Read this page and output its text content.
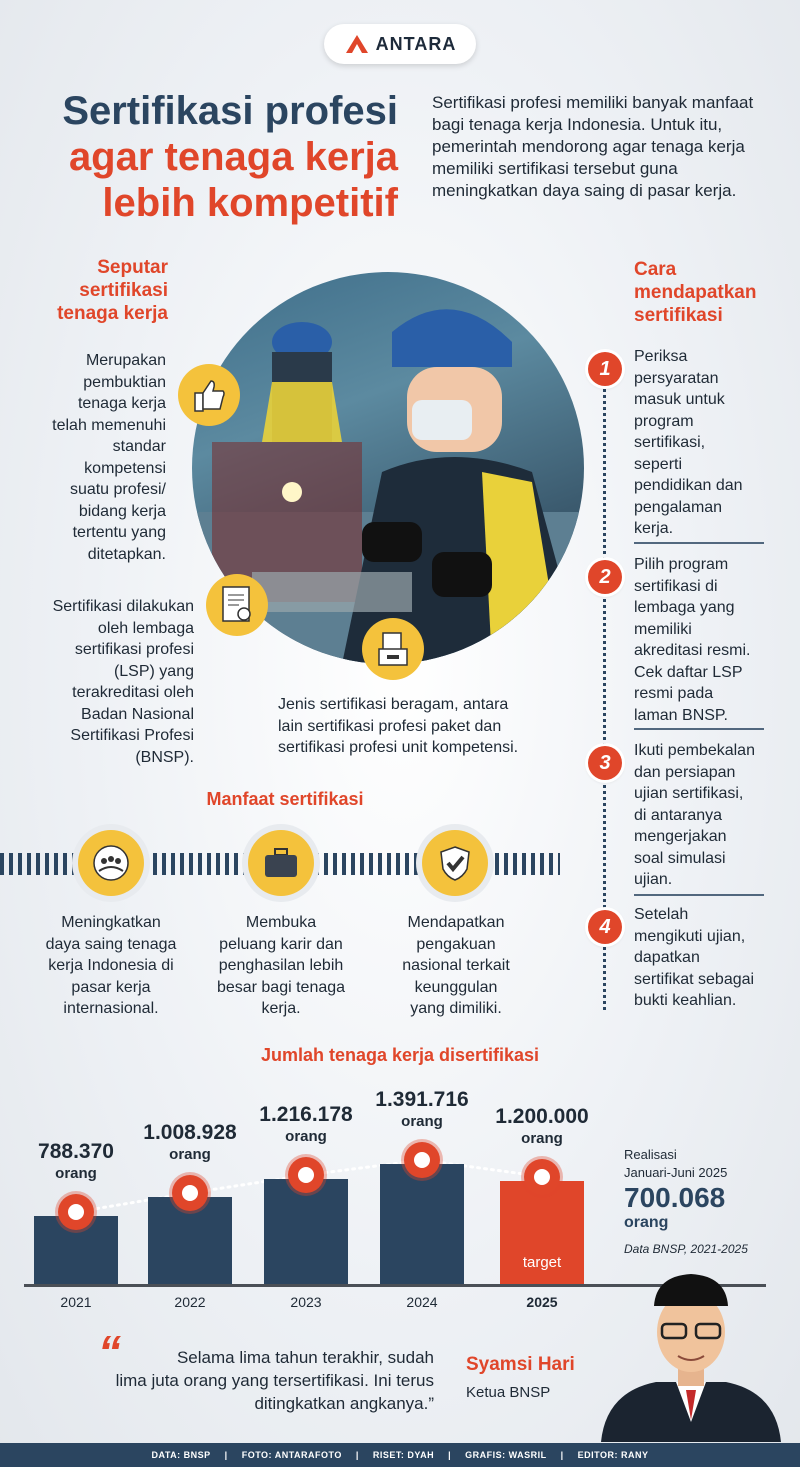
ANTARA
Sertifikasi profesi
agar tenaga kerja
lebih kompetitif
Sertifikasi profesi memiliki banyak manfaat bagi tenaga kerja Indonesia. Untuk itu, pemerintah mendorong agar tenaga kerja memiliki sertifikasi tersebut guna meningkatkan daya saing di pasar kerja.
Seputar
sertifikasi
tenaga kerja
Merupakan
pembuktian
tenaga kerja
telah memenuhi
standar
kompetensi
suatu profesi/
bidang kerja
tertentu yang
ditetapkan.
Sertifikasi dilakukan
oleh lembaga
sertifikasi profesi
(LSP) yang
terakreditasi oleh
Badan Nasional
Sertifikasi Profesi
(BNSP).
Jenis sertifikasi beragam, antara
lain sertifikasi profesi paket dan
sertifikasi profesi unit kompetensi.
Cara
mendapatkan
sertifikasi
1
Periksa
persyaratan
masuk untuk
program
sertifikasi,
seperti
pendidikan dan
pengalaman
kerja.
2
Pilih program
sertifikasi di
lembaga yang
memiliki
akreditasi resmi.
Cek daftar LSP
resmi pada
laman BNSP.
3
Ikuti pembekalan
dan persiapan
ujian sertifikasi,
di antaranya
mengerjakan
soal simulasi
ujian.
4
Setelah
mengikuti ujian,
dapatkan
sertifikat sebagai
bukti keahlian.
Manfaat sertifikasi
Meningkatkan
daya saing tenaga
kerja Indonesia di
pasar kerja
internasional.
Membuka
peluang karir dan
penghasilan lebih
besar bagi tenaga
kerja.
Mendapatkan
pengakuan
nasional terkait
keunggulan
yang dimiliki.
Jumlah tenaga kerja disertifikasi
788.370
orang
2021
1.008.928
orang
2022
1.216.178
orang
2023
1.391.716
orang
2024
target
1.200.000
orang
2025
Realisasi
Januari-Juni 2025
700.068
orang
Data BNSP, 2021-2025
“	Selama lima tahun terakhir, sudah
lima juta orang yang tersertifikasi. Ini terus
ditingkatkan angkanya.”
Syamsi Hari
Ketua BNSP
DATA: BNSP | FOTO: ANTARAFOTO | RISET: DYAH | GRAFIS: WASRIL | EDITOR: RANY
